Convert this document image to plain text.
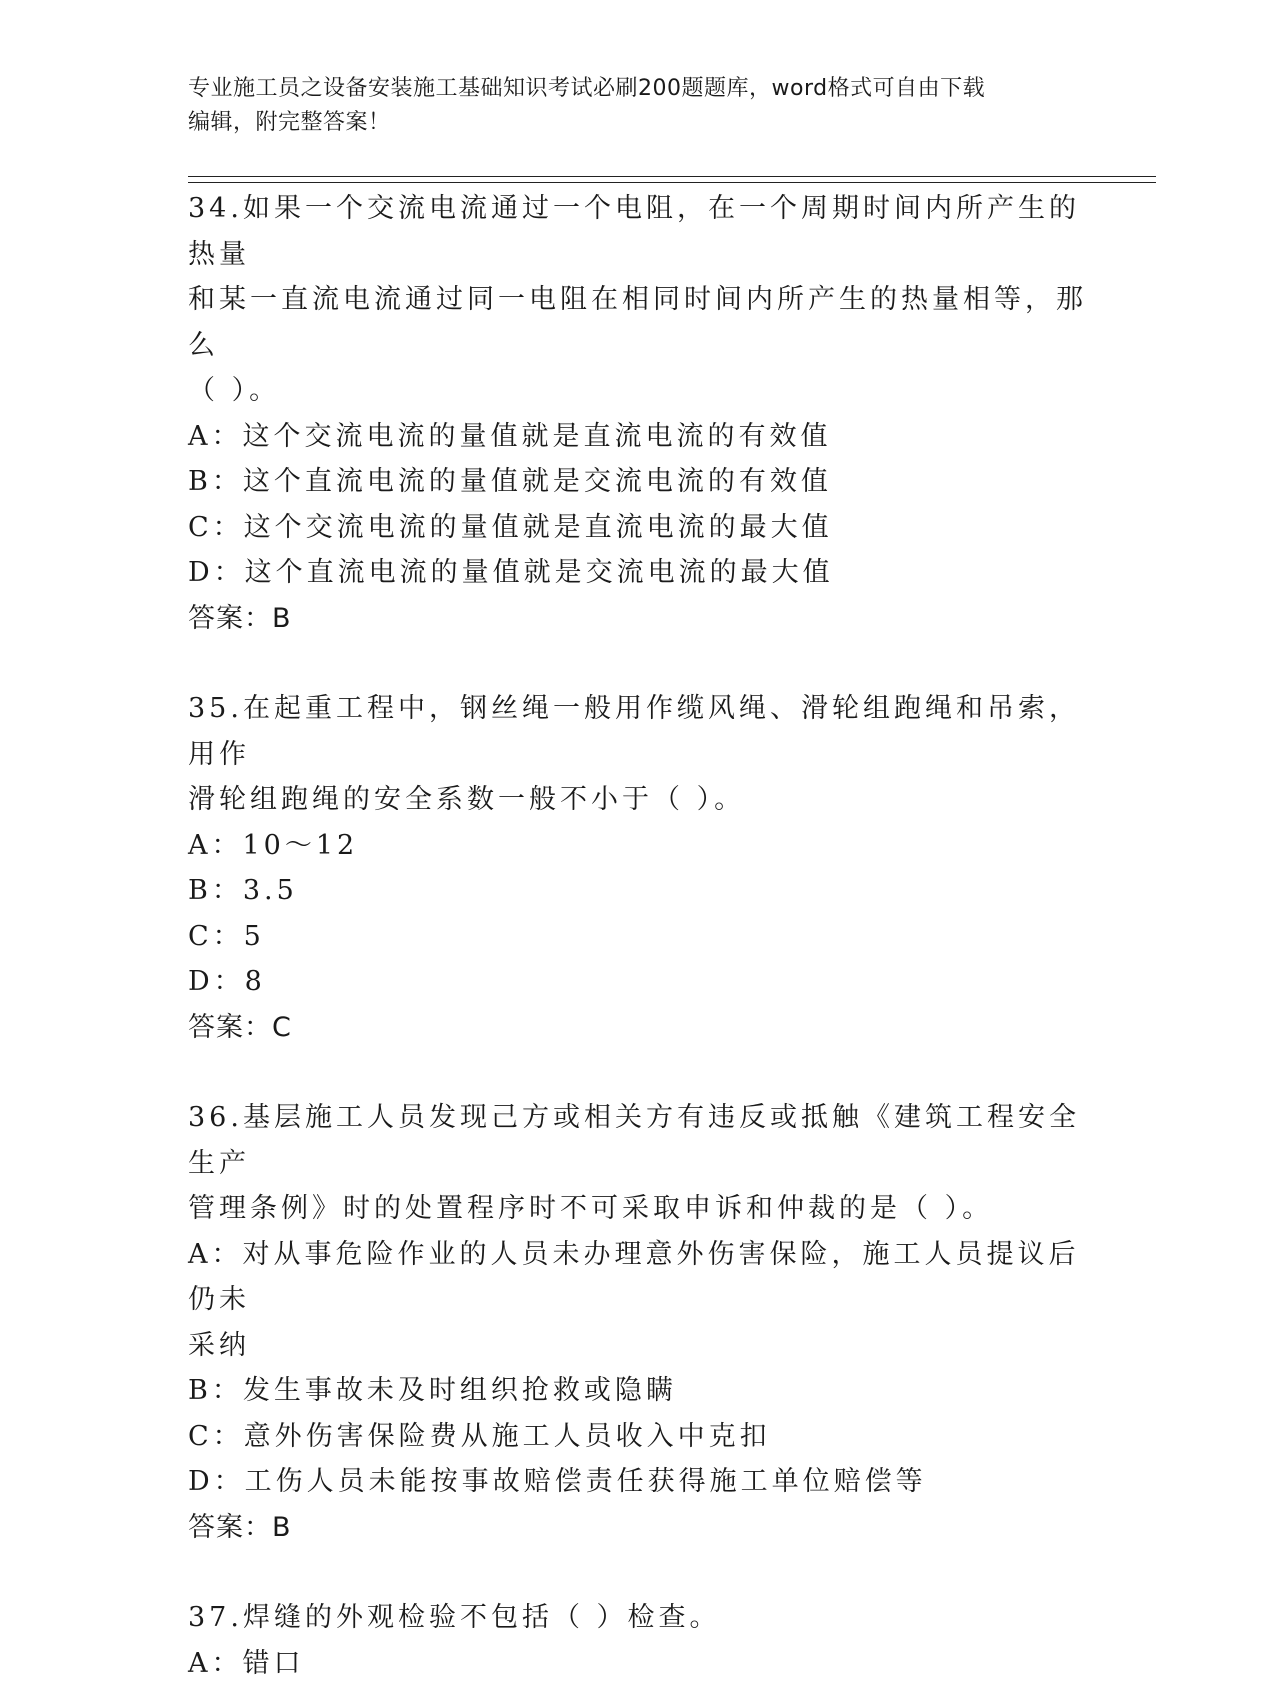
专业施工员之设备安装施工基础知识考试必刷200题题库，word格式可自由下载
编辑，附完整答案！

34.如果一个交流电流通过一个电阻，在一个周期时间内所产生的热量

和某一直流电流通过同一电阻在相同时间内所产生的热量相等，那么

（ ）。

A：这个交流电流的量值就是直流电流的有效值

B：这个直流电流的量值就是交流电流的有效值

C：这个交流电流的量值就是直流电流的最大值

D：这个直流电流的量值就是交流电流的最大值

答案：B

35.在起重工程中，钢丝绳一般用作缆风绳、滑轮组跑绳和吊索，用作

滑轮组跑绳的安全系数一般不小于（ ）。

A：10～12

B：3.5

C：5

D：8

答案：C

36.基层施工人员发现己方或相关方有违反或抵触《建筑工程安全生产

管理条例》时的处置程序时不可采取申诉和仲裁的是（ ）。

A：对从事危险作业的人员未办理意外伤害保险，施工人员提议后仍未

采纳

B：发生事故未及时组织抢救或隐瞒

C：意外伤害保险费从施工人员收入中克扣

D：工伤人员未能按事故赔偿责任获得施工单位赔偿等

答案：B

37.焊缝的外观检验不包括（ ）检查。

A：错口
